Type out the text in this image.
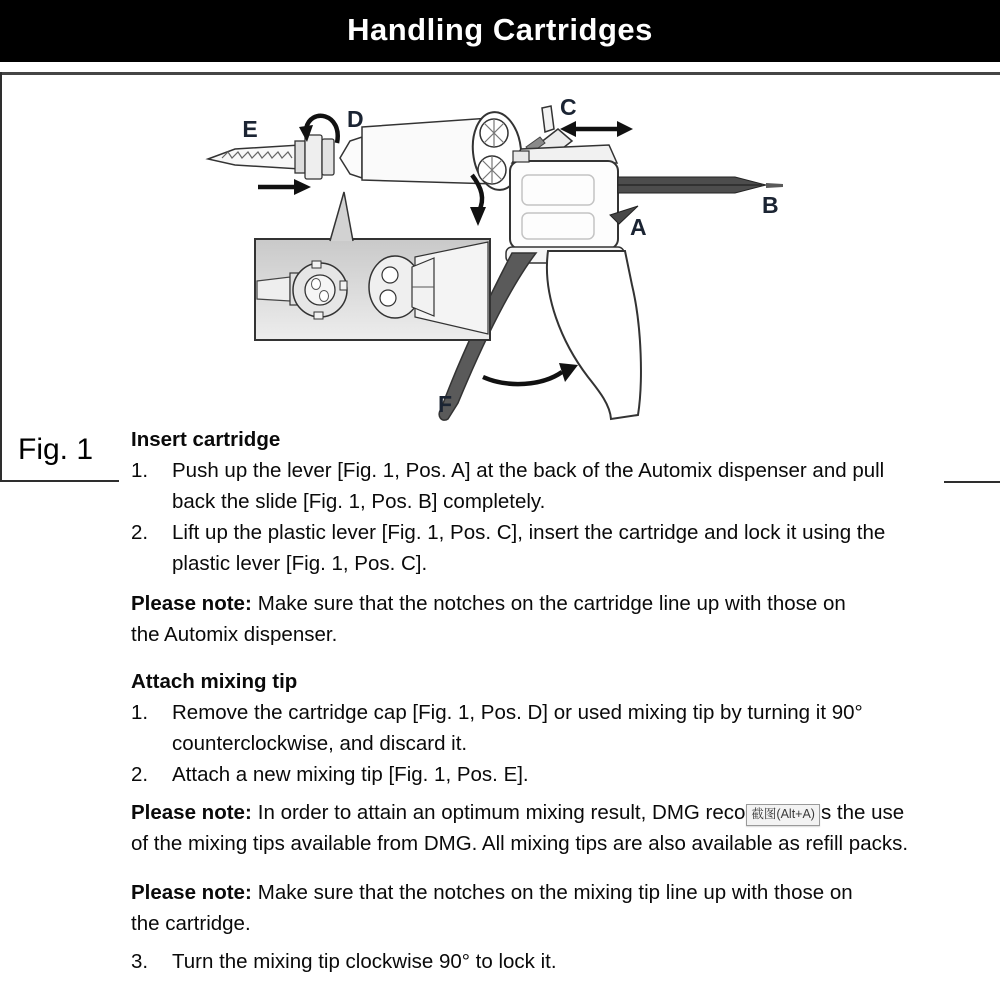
Handling Cartridges
Fig. 1
E	D	C
B
A
F
Insert cartridge
1.	Push up the lever [Fig. 1, Pos. A] at the back of the Automix dispenser and pull
back the slide [Fig. 1, Pos. B] completely.
2.	Lift up the plastic lever [Fig. 1, Pos. C], insert the cartridge and lock it using the
plastic lever [Fig. 1, Pos. C].
Please note: Make sure that the notches on the cartridge line up with those on
the Automix dispenser.
Attach mixing tip
1.	Remove the cartridge cap [Fig. 1, Pos. D] or used mixing tip by turning it 90°
counterclockwise, and discard it.
2.	Attach a new mixing tip [Fig. 1, Pos. E].
Please note: In order to attain an optimum mixing result, DMG reco 截图(Alt+A) s the use
of the mixing tips available from DMG. All mixing tips are also available as refill packs.
Please note: Make sure that the notches on the mixing tip line up with those on
the cartridge.
3.	Turn the mixing tip clockwise 90° to lock it.
